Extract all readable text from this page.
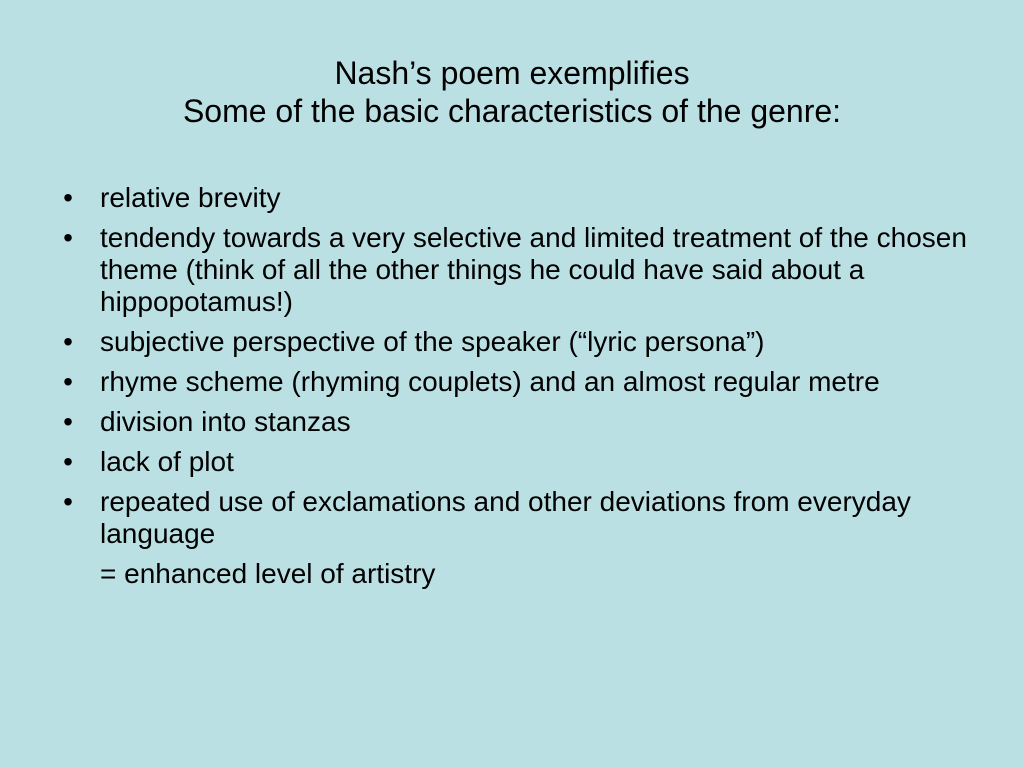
Nash’s poem exemplifies
Some of the basic characteristics of the genre:
• relative brevity
• tendendy towards a very selective and limited treatment of the chosen theme (think of all the other things he could have said about a hippopotamus!)
• subjective perspective of the speaker (“lyric persona”)
• rhyme scheme (rhyming couplets) and an almost regular metre
• division into stanzas
• lack of plot
• repeated use of exclamations and other deviations from everyday language
= enhanced level of artistry
